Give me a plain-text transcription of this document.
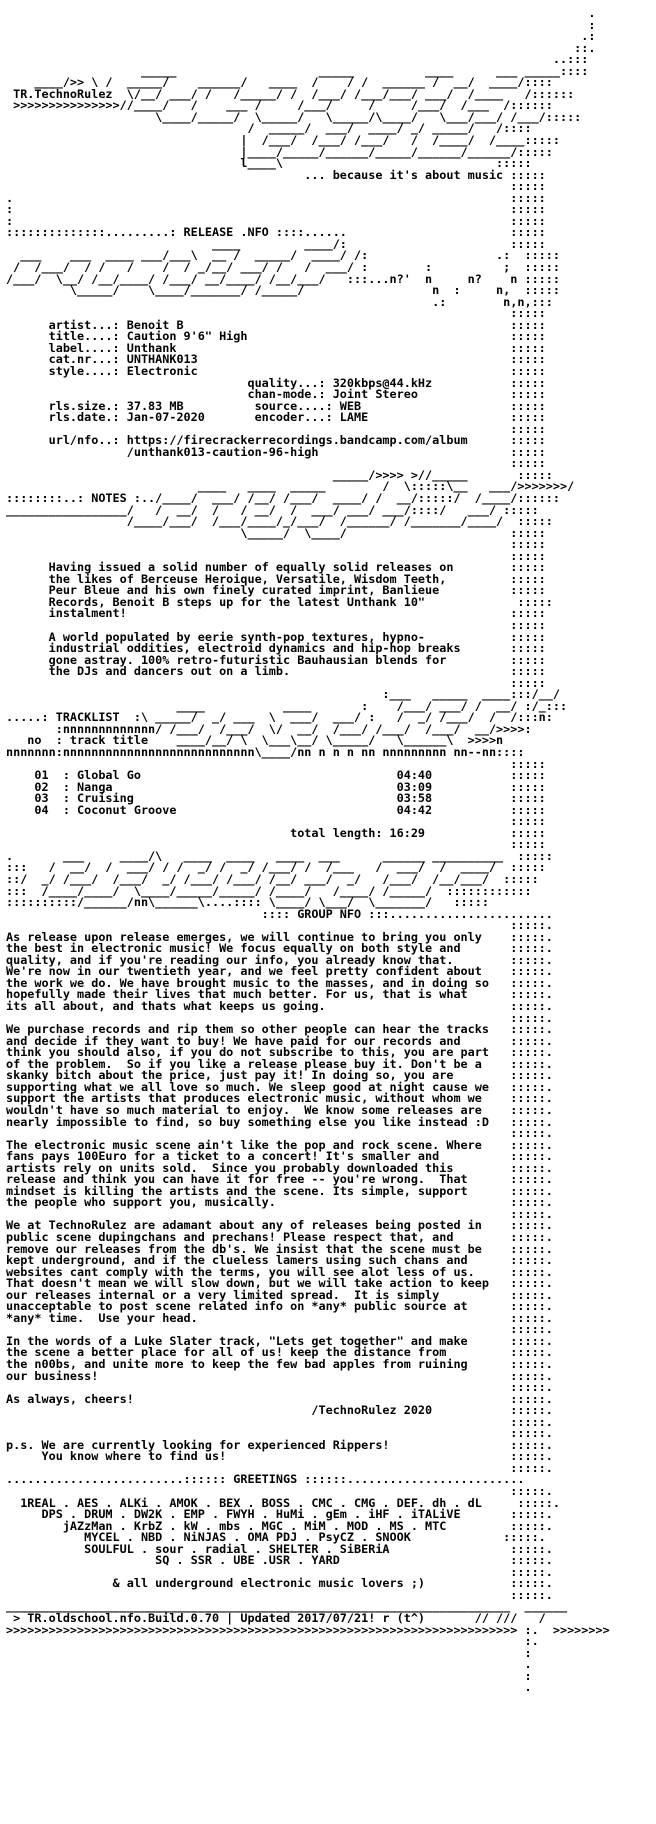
.
:
.:
::.
..:::
_____                    _____          ____      ___ _____::::
____/>> \ /  _____/    ______/   ____  /    / /  ______ /  __/  ____/::::
TR.TechnoRulez  \/__/ ___/ /   /_____/ /  /___/ /___/___/ ___/  /____   /::::::
>>>>>>>>>>>>>>>//____/   /    ___ /     /___/     /     /___/  /___  /::::::
\____/_____/  \_____/   \_____/\____/   \___/___/ /___/:::::
/  _____/  ___/  ____/ _/ _____/   /::::
|  /___/  /___/ /___/   /  /____/  /____:::::
|____/_____/______/_____/______/______/:::::
l____\                              :::::
... because it's about music :::::
:::::
.                                                                      :::::
:                                                                      :::::
:                                                                      :::::
::::::::::::::.........: RELEASE .NFO ::::......                       :::::
____         ____/:                       :::::
___    ___  ____ ___/___\  __ /  _____/  ____/ /:                  .:  :::::
/  /___/  / /   /    /  / _/__/ ___/ /   /  ___/ :        :          ;  :::::
/___/  \__/ /__/____/ /___/ __/____/ /__/___/   :::...n?'  n     n?    n :::::
\_____/    \____/_______/ /_____/                  n  :     n,  :::::
.:        n,n,:::
:::::
artist...: Benoit B                                              :::::
title....: Caution 9'6" High                                     :::::
label....: Unthank                                               :::::
cat.nr...: UNTHANK013                                            :::::
style....: Electronic                                            :::::
quality...: 320kbps@44.kHz           :::::
chan-mode.: Joint Stereo             :::::
rls.size.: 37.83 MB          source....: WEB                     :::::
rls.date.: Jan-07-2020       encoder...: LAME                    :::::
:::::
url/nfo..: https://firecrackerrecordings.bandcamp.com/album      :::::
/unthank013-caution-96-high                           :::::
:::::
_____/>>>> >//_____       :::::
____   ____  _____        /  \:::::\__   ___/>>>>>>>/
::::::::..: NOTES :../____/  ___/ /__/ /___/  ____/ /  __/:::::/  /____/::::::
_________________/   /  __/  /   / __/  /  ___/ ___/ ___/::::/   ___/ :::::
/____/___/  /___/____/_/___/  /______/ /_______/____/  :::::
\_____/  \____/                       :::::
:::::
:::::
Having issued a solid number of equally solid releases on        :::::
the likes of Berceuse Heroique, Versatile, Wisdom Teeth,         :::::
Peur Bleue and his own finely curated imprint, Banlieue          :::::
Records, Benoit B steps up for the latest Unthank 10"             :::::
instalment!                                                      :::::
:::::
A world populated by eerie synth-pop textures, hypno-            :::::
industrial oddities, electroid dynamics and hip-hop breaks       :::::
gone astray. 100% retro-futuristic Bauhausian blends for         :::::
the DJs and dancers out on a limb.                               :::::
:::::
:___   _____  ____:::/__/
____           ____       :    /___/ ___/ /  __/ :/_:::
.....: TRACKLIST  :\ _____/  _/ ___  \  ___/  ___/ :   /  _/ /___/  /  /:::n:
:nnnnnnnnnnnnn/ /___/  /___/  \/  __/  /___/ /___/  /___/  __/>>>>:
no  : track title    ____/__/ \  \___\__/ \_____/   \______\  >>>>n
nnnnnnn:nnnnnnnnnnnnnnnnnnnnnnnnnnn\____/nn n n n nn nnnnnnnnn nn--nn::::
:::::
01  : Global Go                                    04:40           :::::
02  : Nanga                                        03:09           :::::
03  : Cruising                                     03:58           :::::
04  : Coconut Groove                               04:42           :::::
:::::
total length: 16:29            :::::
:::::
.       ___     ____/\   ____  ____   ____  ___      ______ __________  :::::
:::   /  __/  /  ___/ / /  _/ /  _/ /___/ /  /___   /  ___/  /  ____/  :::::
::/  _/ /___/  /___/  _/ /___/ /___/ /__/ ___/  _/   /___/  /__/___/  :::::
:::  /____/____/  \____/_____/_____/ /____/   /____/ /_____/  ::::::::::::
::::::::::/______/nn\______\....:::: \____/ \___/  \_______/   :::::
:::: GROUP NFO :::.......................
:::::.
As release upon release emerges, we will continue to bring you only    :::::.
the best in electronic music! We focus equally on both style and       :::::.
quality, and if you're reading our info, you already know that.        :::::.
We're now in our twentieth year, and we feel pretty confident about    :::::.
the work we do. We have brought music to the masses, and in doing so   :::::.
hopefully made their lives that much better. For us, that is what      :::::.
its all about, and thats what keeps us going.                          :::::.
:::::.
We purchase records and rip them so other people can hear the tracks   :::::.
and decide if they want to buy! We have paid for our records and       :::::.
think you should also, if you do not subscribe to this, you are part   :::::.
of the problem.  So if you like a release please buy it. Don't be a    :::::.
skanky bitch about the price, just pay it! In doing so, you are        :::::.
supporting what we all love so much. We sleep good at night cause we   :::::.
support the artists that produces electronic music, without whom we    :::::.
wouldn't have so much material to enjoy.  We know some releases are    :::::.
nearly impossible to find, so buy something else you like instead :D   :::::.
:::::.
The electronic music scene ain't like the pop and rock scene. Where    :::::.
fans pays 100Euro for a ticket to a concert! It's smaller and          :::::.
artists rely on units sold.  Since you probably downloaded this        :::::.
release and think you can have it for free -- you're wrong.  That      :::::.
mindset is killing the artists and the scene. Its simple, support      :::::.
the people who support you, musically.                                 :::::.
:::::.
We at TechnoRulez are adamant about any of releases being posted in    :::::.
public scene dupingchans and prechans! Please respect that, and        :::::.
remove our releases from the db's. We insist that the scene must be    :::::.
kept underground, and if the clueless lamers using such chans and      :::::.
websites cant comply with the terms, you will see alot less of us.     :::::.
That doesn't mean we will slow down, but we will take action to keep   :::::.
our releases internal or a very limited spread.  It is simply          :::::.
unacceptable to post scene related info on *any* public source at      :::::.
*any* time.  Use your head.                                            :::::.
:::::.
In the words of a Luke Slater track, "Lets get together" and make      :::::.
the scene a better place for all of us! keep the distance from         :::::.
the n00bs, and unite more to keep the few bad apples from ruining      :::::.
our business!                                                          :::::.
:::::.
As always, cheers!                                                     :::::.
/TechnoRulez 2020           :::::.
:::::.
:::::.
p.s. We are currently looking for experienced Rippers!                 :::::.
You know where to find us!                                        :::::.
:::::.
.........................:::::: GREETINGS ::::::.........................
:::::.
1REAL . AES . ALKi . AMOK . BEX . BOSS . CMC . CMG . DEF. dh . dL     :::::.
DPS . DRUM . DW2K . EMP . FWYH . HuMi . gEm . iHF . iTALiVE       :::::.
jAZzMan . KrbZ . kW . mbs . MGC . MiM . MOD . MS . MTC         :::::.
MYCEL . NBD . NiNJAS . OMA PDJ . PsyCZ . SNOOK             :::::.
SOULFUL . sour . radial . SHELTER . SiBERiA                 :::::.
SQ . SSR . UBE .USR . YARD                        :::::.
:::::.
& all underground electronic music lovers ;)            :::::.
:::::.
_______________________________________________________________________  ______
> TR.oldschool.nfo.Build.0.70 | Updated 2017/07/21! r (t^)       // ///   /
>>>>>>>>>>>>>>>>>>>>>>>>>>>>>>>>>>>>>>>>>>>>>>>>>>>>>>>>>>>>>>>>>>>>>>>> :.  >>>>>>>>
:.
:
.
:
.
